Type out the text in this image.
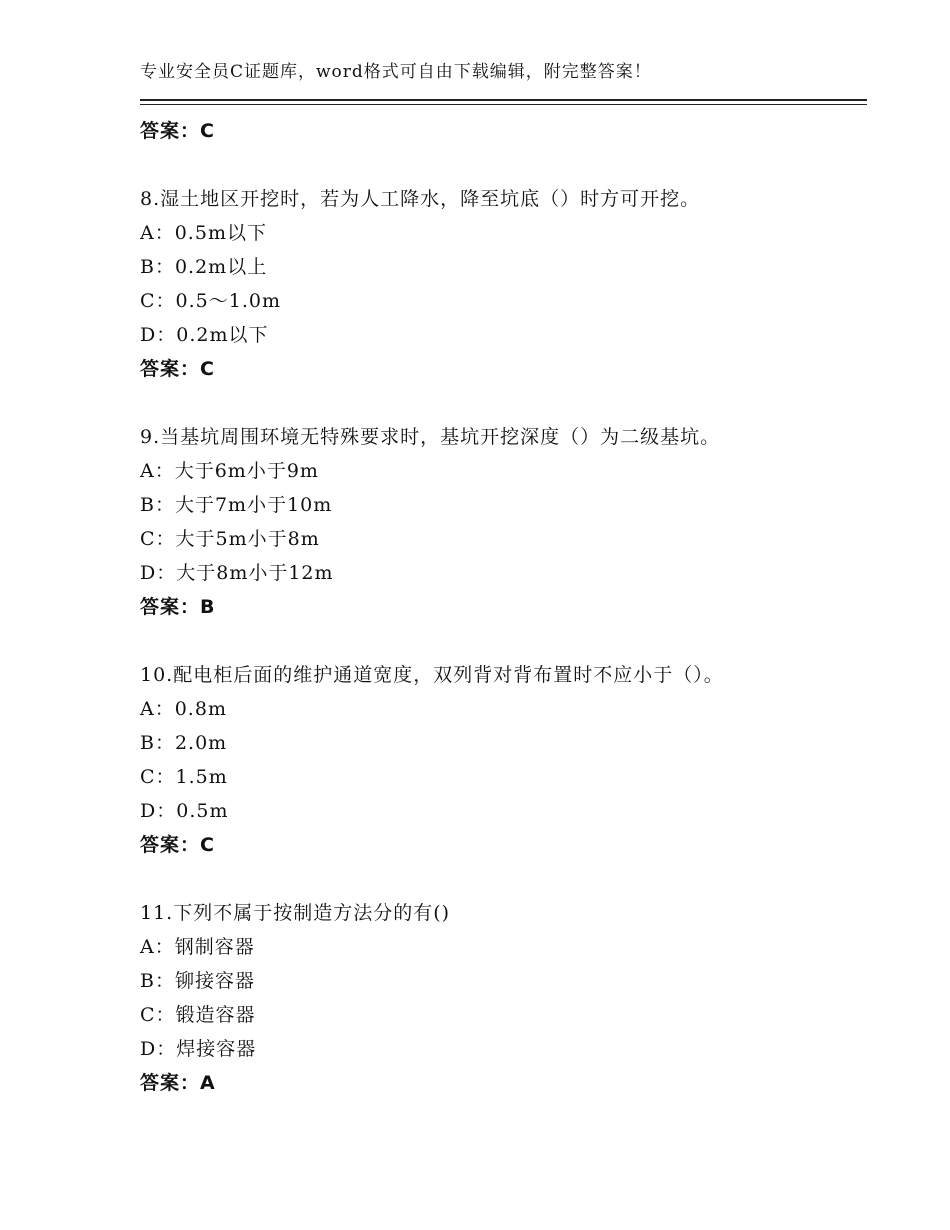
专业安全员C证题库，word格式可自由下载编辑，附完整答案！
答案：C
8.湿土地区开挖时，若为人工降水，降至坑底（）时方可开挖。
A：0.5m以下
B：0.2m以上
C：0.5～1.0m
D：0.2m以下
答案：C
9.当基坑周围环境无特殊要求时，基坑开挖深度（）为二级基坑。
A：大于6m小于9m
B：大于7m小于10m
C：大于5m小于8m
D：大于8m小于12m
答案：B
10.配电柜后面的维护通道宽度，双列背对背布置时不应小于（）。
A：0.8m
B：2.0m
C：1.5m
D：0.5m
答案：C
11.下列不属于按制造方法分的有()
A：钢制容器
B：铆接容器
C：锻造容器
D：焊接容器
答案：A
